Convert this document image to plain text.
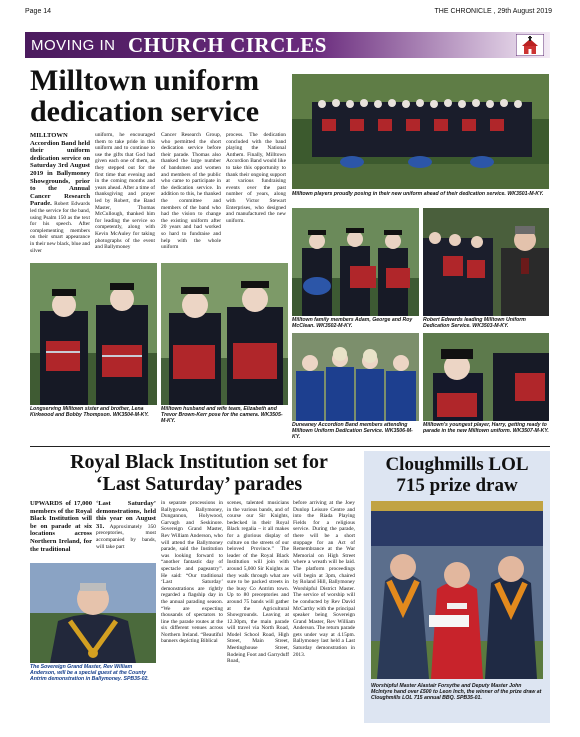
Page 14	THE CHRONICLE , 29th August 2019
MOVING IN CHURCH CIRCLES
Milltown uniform
dedication service
MILLTOWN Accordion Band held their uniform dedication service on Saturday 3rd August 2019 in Ballymoney Showgrounds, prior to the Annual Cancer Research Parade. Robert Edwards led the service for the band, using Psalm 150 as the text for his speech. After complementing members on their smart appearance in their new black, blue and silver
uniform, he encouraged them to take pride in this uniform and to continue to use the gifts that God had given each one of them, as they stepped out for the first time that evening and in the coming months and years ahead. After a time of thanksgiving and prayer led by Robert, the Band Master, Thomas McCullough, thanked him for leading the service so competently, along with Kevin McAuley for taking photographs of the event and Ballymoney
Cancer Research Group, who permitted the short dedication service before their parade. Thomas also thanked the large number of bandsmen and women and members of the public who came to participate in the dedication service. In addition to this, he thanked the committee and members of the band who had the vision to change the existing uniform after 20 years and had worked so hard to fundraise and help with the whole uniform
process. The dedication concluded with the band playing the National Anthem. Finally, Milltown Accordion Band would like to take this opportunity to thank their ongoing support at various fundraising events over the past number of years, along with Victor Stewart Enterprises, who designed and manufactured the new uniform.
Milltown players proudly posing in their new uniform ahead of their dedication service. WK3501-M-KY.
Milltown family members Adam, George and Roy McClean. WK3502-M-KY.
Robert Edwards leading Milltown Uniform Dedication Service. WK3503-M-KY.
Longserving Milltown sister and brother, Lena Kirkwood and Bobby Thompson. WK3504-M-KY.
Milltown husband and wife team, Elizabeth and Trevor Brown-Kerr pose for the camera. WK3505-M-KY.
Duneaney Accordion Band members attending Milltown Uniform Dedication Service. WK3506-M-KY.
Milltown's youngest player, Harry, getting ready to parade in the new Milltown uniform. WK3507-M-KY.
Royal Black Institution set for
‘Last Saturday’ parades
UPWARDS of 17,000 members of the Royal Black Institution will be on parade at six locations across Northern Ireland, for the traditional
The Sovereign Grand Master, Rev William Anderson, will be a special guest at the County Antrim demonstration in Ballymoney. SPB35-02.
‘Last Saturday’ demonstrations, held this year on August 31. Approximately 350 preceptories, most accompanied by bands, will take part
in separate processions in Ballygowan, Ballymoney, Dungannon, Holywood, Garvagh and Seskinore. Sovereign Grand Master, Rev William Anderson, who will attend the Ballymoney parade, said the Institution was looking forward to “another fantastic day of spectacle and pageantry”. He said: “Our traditional ‘Last Saturday’ demonstrations are rightly regarded a flagship day in the annual parading season. “We are expecting thousands of spectators to line the parade routes at the six different venues across Northern Ireland. “Beautiful banners depicting Biblical
scenes, talented musicians in the various bands, and of course our Sir Knights, bedecked in their Royal Black regalia – it all makes for a glorious display of culture on the streets of our beloved Province.” The leader of the Royal Black Institution will join with around 5,000 Sir Knights as they walk through what are sure to be packed streets in the busy Co Antrim town. Up to 80 preceptories and around 75 bands will gather at the Agricultural Showgrounds. Leaving at 12.30pm, the main parade will travel via North Road, Model School Road, High Street, Main Street, Meetinghouse Street, Rodeing Foot and Garryduff Road,
before arriving at the Joey Dunlop Leisure Centre and into the Riada Playing Fields for a religious service. During the parade, there will be a short stoppage for an Act of Remembrance at the War Memorial on High Street where a wreath will be laid. The platform proceedings will begin at 3pm, chaired by Roland Hill, Ballymoney Worshipful District Master. The service of worship will be conducted by Rev David McCarthy with the principal speaker being Sovereign Grand Master, Rev William Anderson. The return parade gets under way at 4.15pm. Ballymoney last held a Last Saturday demonstration in 2013.
Cloughmills LOL
715 prize draw
Worshipful Master Alastair Forsythe and Deputy Master John McIntyre hand over £500 to Leon Inch, the winner of the prize draw at Cloughmills LOL 715 annual BBQ. SPB35-01.
